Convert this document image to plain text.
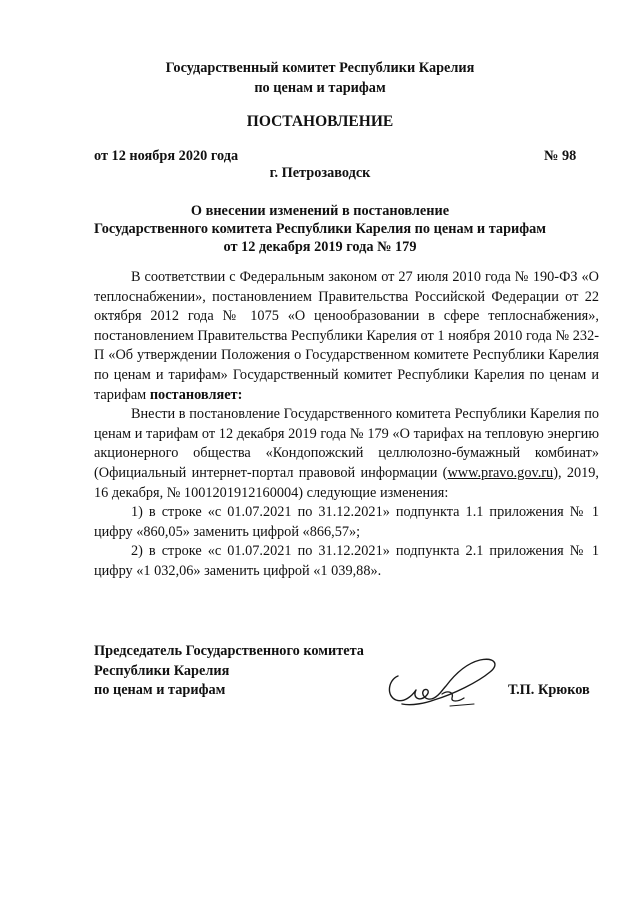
Государственный комитет Республики Карелия
по ценам и тарифам
ПОСТАНОВЛЕНИЕ
от 12 ноября 2020 года	№ 98
г. Петрозаводск
О внесении изменений в постановление
Государственного комитета Республики Карелия по ценам и тарифам
от 12 декабря 2019 года № 179

В соответствии с Федеральным законом от 27 июля 2010 года № 190-ФЗ «О теплоснабжении», постановлением Правительства Российской Федерации от 22 октября 2012 года № 1075 «О ценообразовании в сфере теплоснабжения», постановлением Правительства Республики Карелия от 1 ноября 2010 года № 232-П «Об утверждении Положения о Государственном комитете Республики Карелия по ценам и тарифам» Государственный комитет Республики Карелия по ценам и тарифам постановляет:

Внести в постановление Государственного комитета Республики Карелия по ценам и тарифам от 12 декабря 2019 года № 179 «О тарифах на тепловую энергию акционерного общества «Кондопожский целлюлозно-бумажный комбинат» (Официальный интернет-портал правовой информации (www.pravo.gov.ru), 2019, 16 декабря, № 1001201912160004) следующие изменения:

1) в строке «с 01.07.2021 по 31.12.2021» подпункта 1.1 приложения № 1 цифру «860,05» заменить цифрой «866,57»;

2) в строке «с 01.07.2021 по 31.12.2021» подпункта 2.1 приложения № 1 цифру «1 032,06» заменить цифрой «1 039,88».

Председатель Государственного комитета
Республики Карелия
по ценам и тарифам	Т.П. Крюков
